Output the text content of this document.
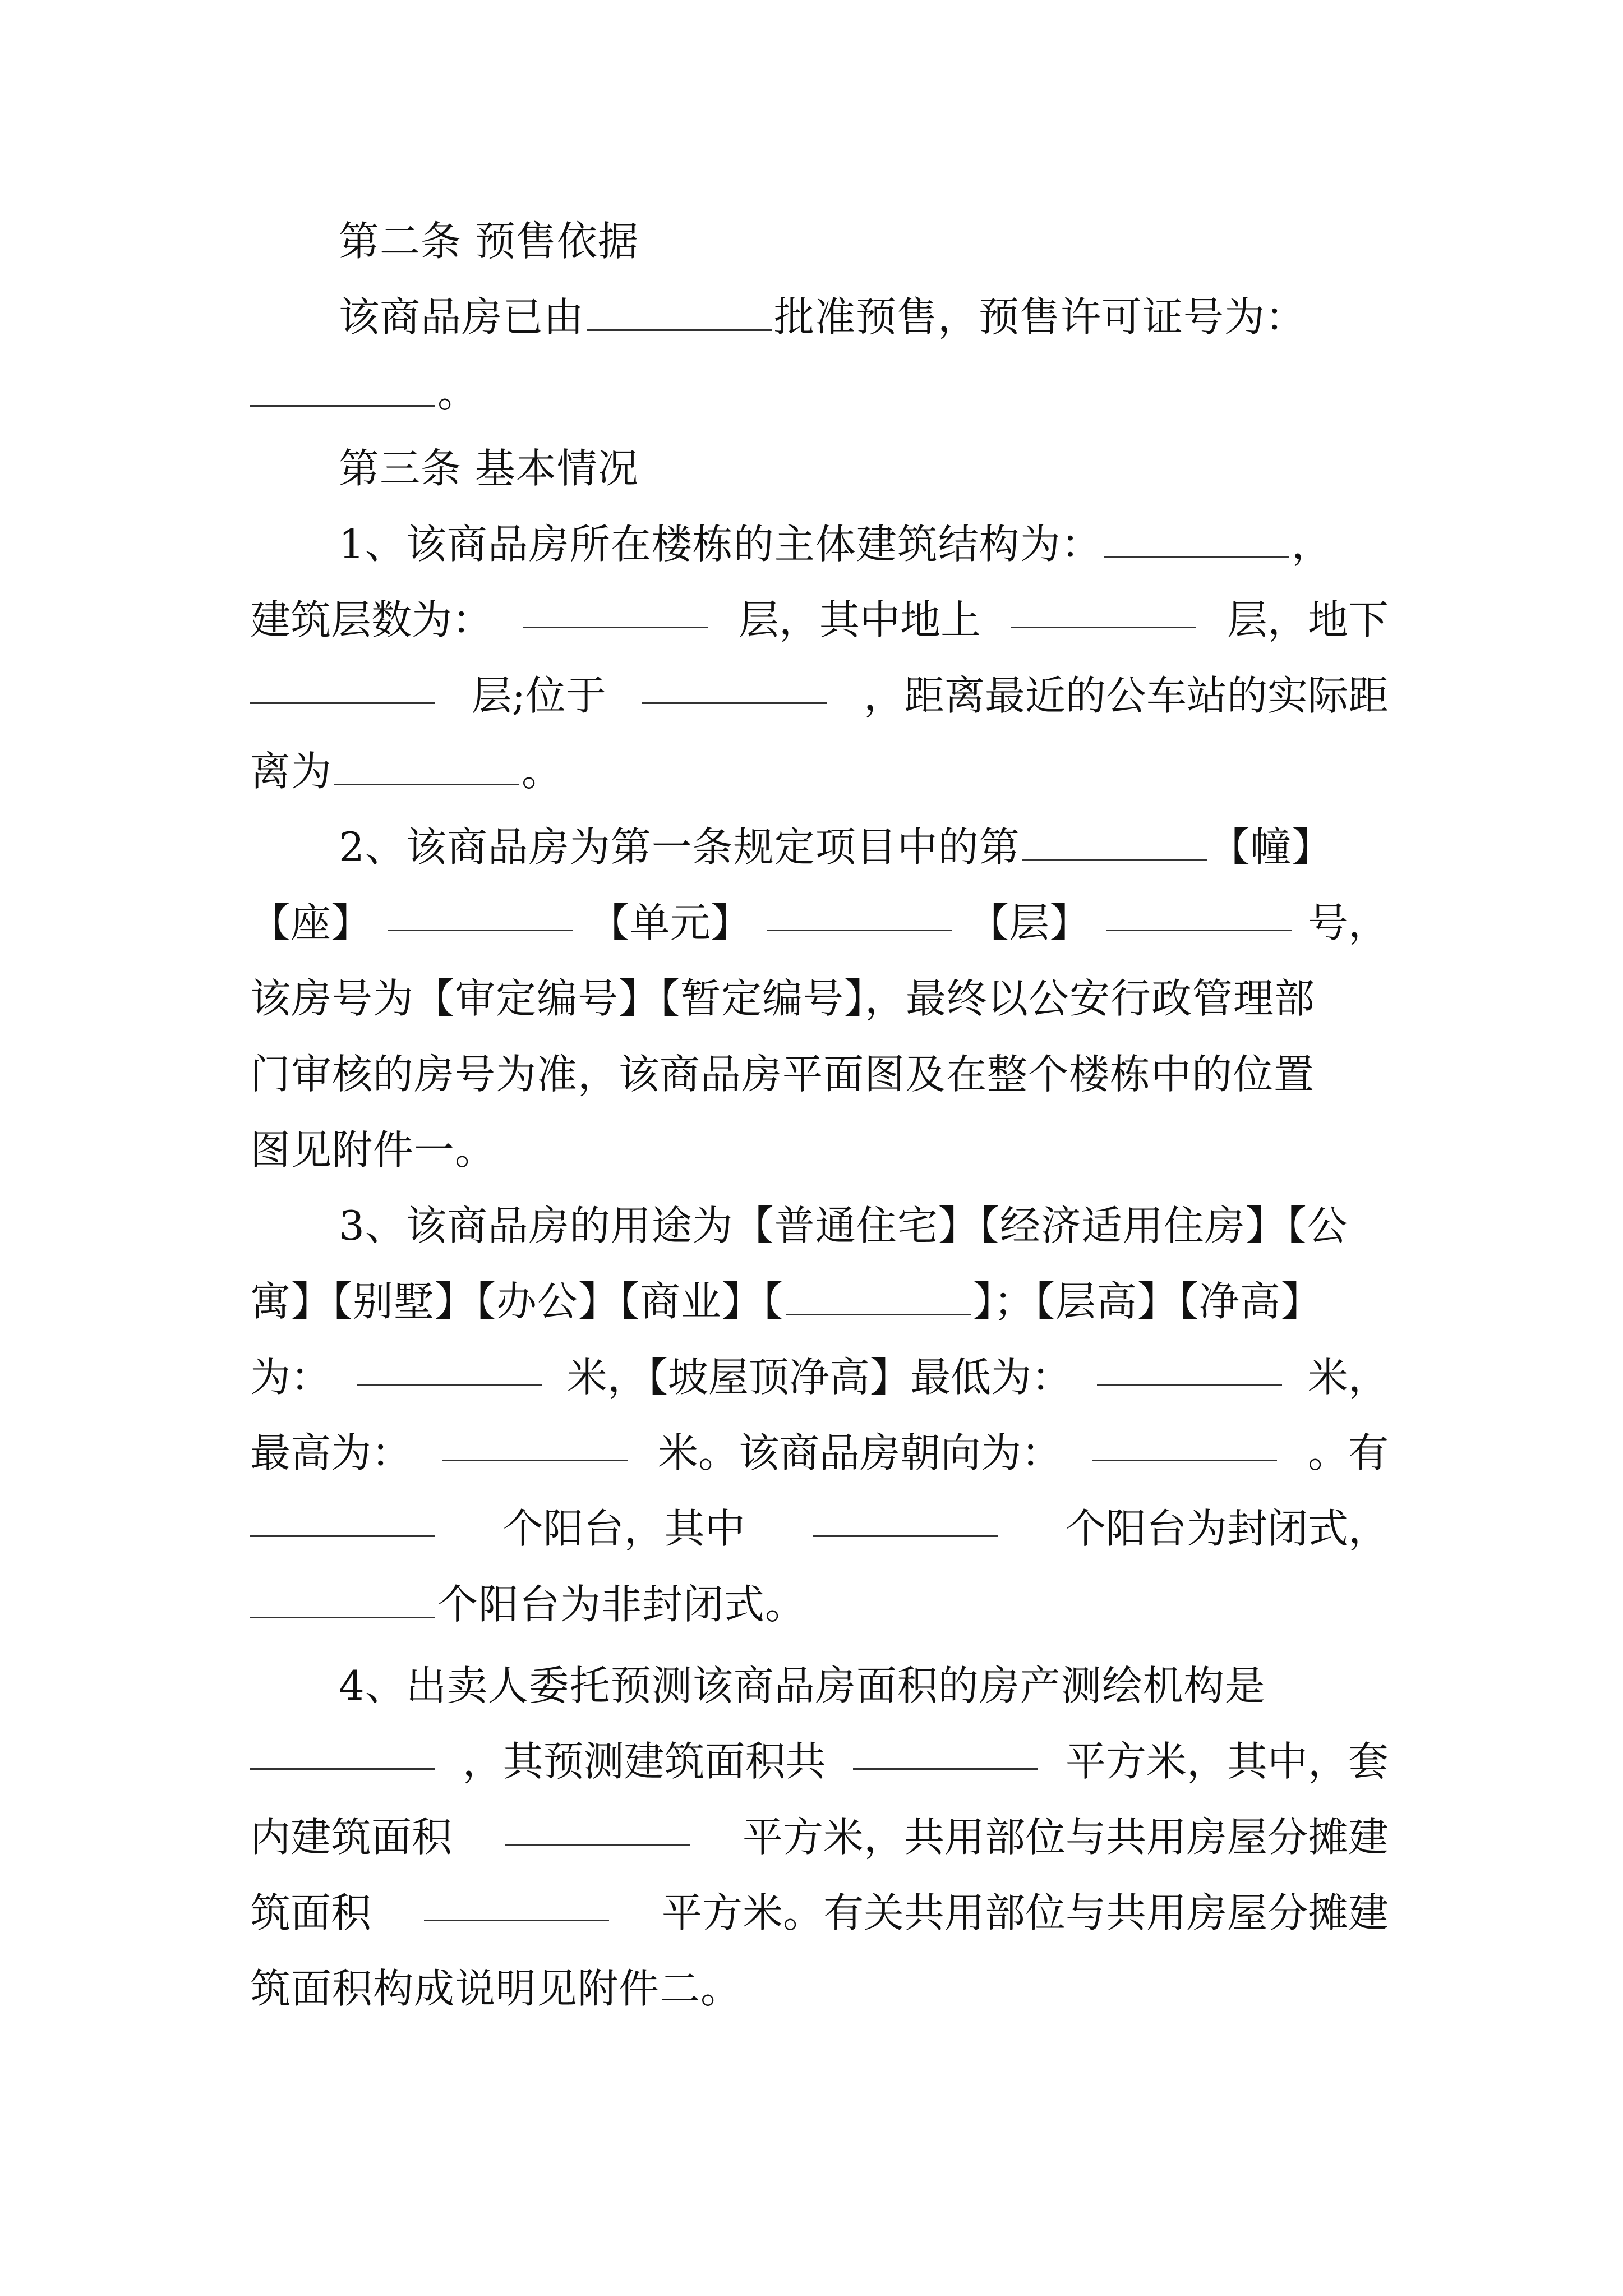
第二条 预售依据
该商品房已由	批准预售，预售许可证号为：
。
第三条 基本情况
1、该商品房所在楼栋的主体建筑结构为：	，
建筑层数为：	层，其中地上	层，地下
层;位于	，距离最近的公车站的实际距
离为	。
2、该商品房为第一条规定项目中的第	【幢】
【座】	【单元】	【层】	号，
该房号为【审定编号】【暂定编号】，最终以公安行政管理部
门审核的房号为准，该商品房平面图及在整个楼栋中的位置
图见附件一。
3、该商品房的用途为【普通住宅】【经济适用住房】【公
寓】【别墅】【办公】【商业】【	】；【层高】【净高】
为：	米，【坡屋顶净高】最低为：	米，
最高为：	米。该商品房朝向为：	。有
个阳台，其中	个阳台为封闭式，
个阳台为非封闭式。
4、出卖人委托预测该商品房面积的房产测绘机构是
，其预测建筑面积共	平方米，其中，套
内建筑面积	平方米，共用部位与共用房屋分摊建
筑面积	平方米。有关共用部位与共用房屋分摊建
筑面积构成说明见附件二。
